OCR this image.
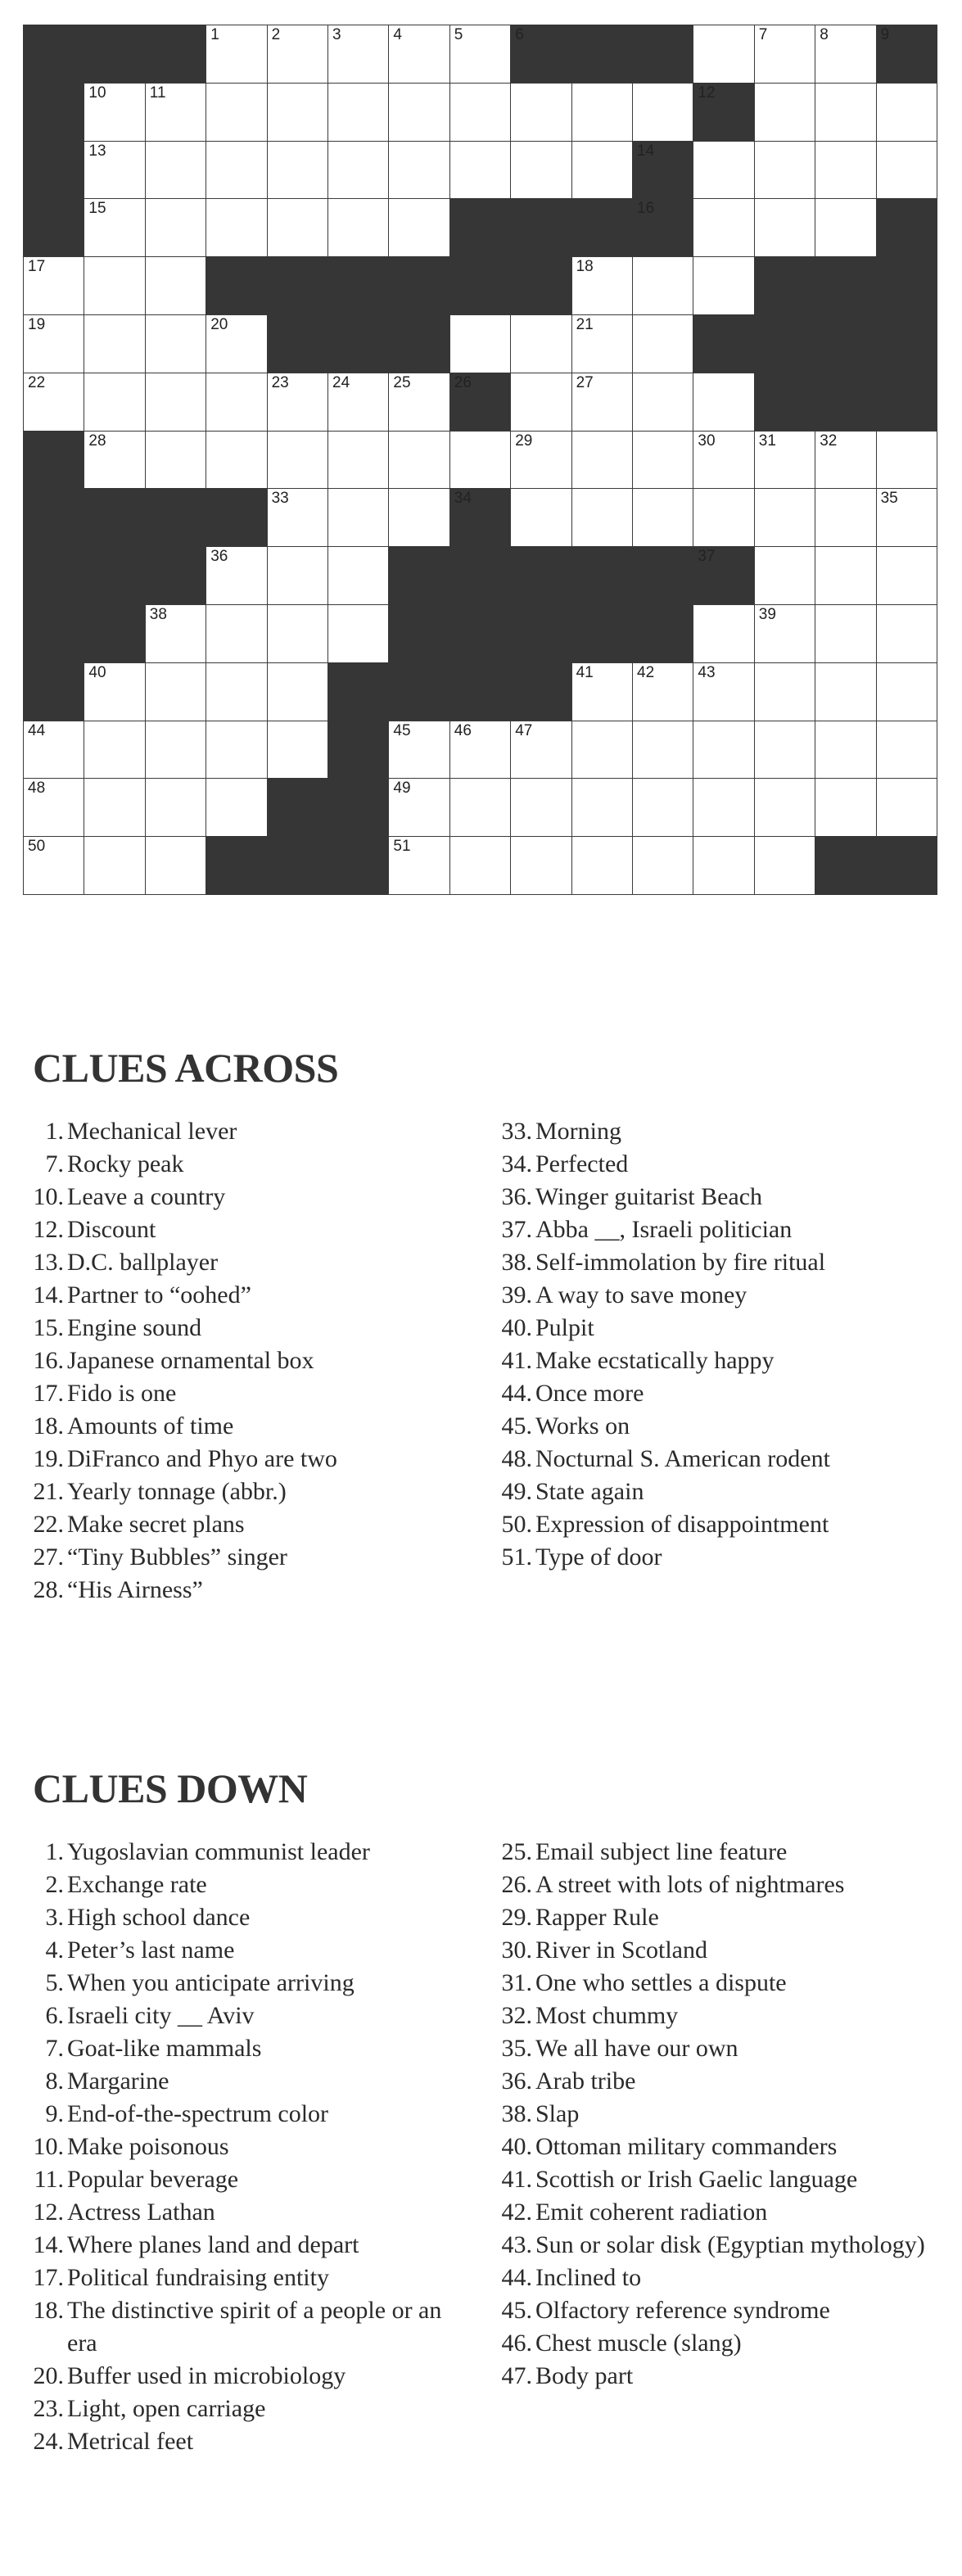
1	2	3	4	5	6	7	8	9
10	11	12
13	14
15	16
17	18
19	20	21
22	23	24	25	26	27
28	29	30	31	32
33	34	35
36	37
38	39
40	41	42	43
44	45	46	47
48	49
50	51
CLUES ACROSS
1. Mechanical lever
7. Rocky peak
10. Leave a country
12. Discount
13. D.C. ballplayer
14. Partner to “oohed”
15. Engine sound
16. Japanese ornamental box
17. Fido is one
18. Amounts of time
19. DiFranco and Phyo are two
21. Yearly tonnage (abbr.)
22. Make secret plans
27. “Tiny Bubbles” singer
28. “His Airness”
33. Morning
34. Perfected
36. Winger guitarist Beach
37. Abba __, Israeli politician
38. Self-immolation by fire ritual
39. A way to save money
40. Pulpit
41. Make ecstatically happy
44. Once more
45. Works on
48. Nocturnal S. American rodent
49. State again
50. Expression of disappointment
51. Type of door
CLUES DOWN
1. Yugoslavian communist leader
2. Exchange rate
3. High school dance
4. Peter’s last name
5. When you anticipate arriving
6. Israeli city __ Aviv
7. Goat-like mammals
8. Margarine
9. End-of-the-spectrum color
10. Make poisonous
11. Popular beverage
12. Actress Lathan
14. Where planes land and depart
17. Political fundraising entity
18. The distinctive spirit of a people or an era
20. Buffer used in microbiology
23. Light, open carriage
24. Metrical feet
25. Email subject line feature
26. A street with lots of nightmares
29. Rapper Rule
30. River in Scotland
31. One who settles a dispute
32. Most chummy
35. We all have our own
36. Arab tribe
38. Slap
40. Ottoman military commanders
41. Scottish or Irish Gaelic language
42. Emit coherent radiation
43. Sun or solar disk (Egyptian mythology)
44. Inclined to
45. Olfactory reference syndrome
46. Chest muscle (slang)
47. Body part
